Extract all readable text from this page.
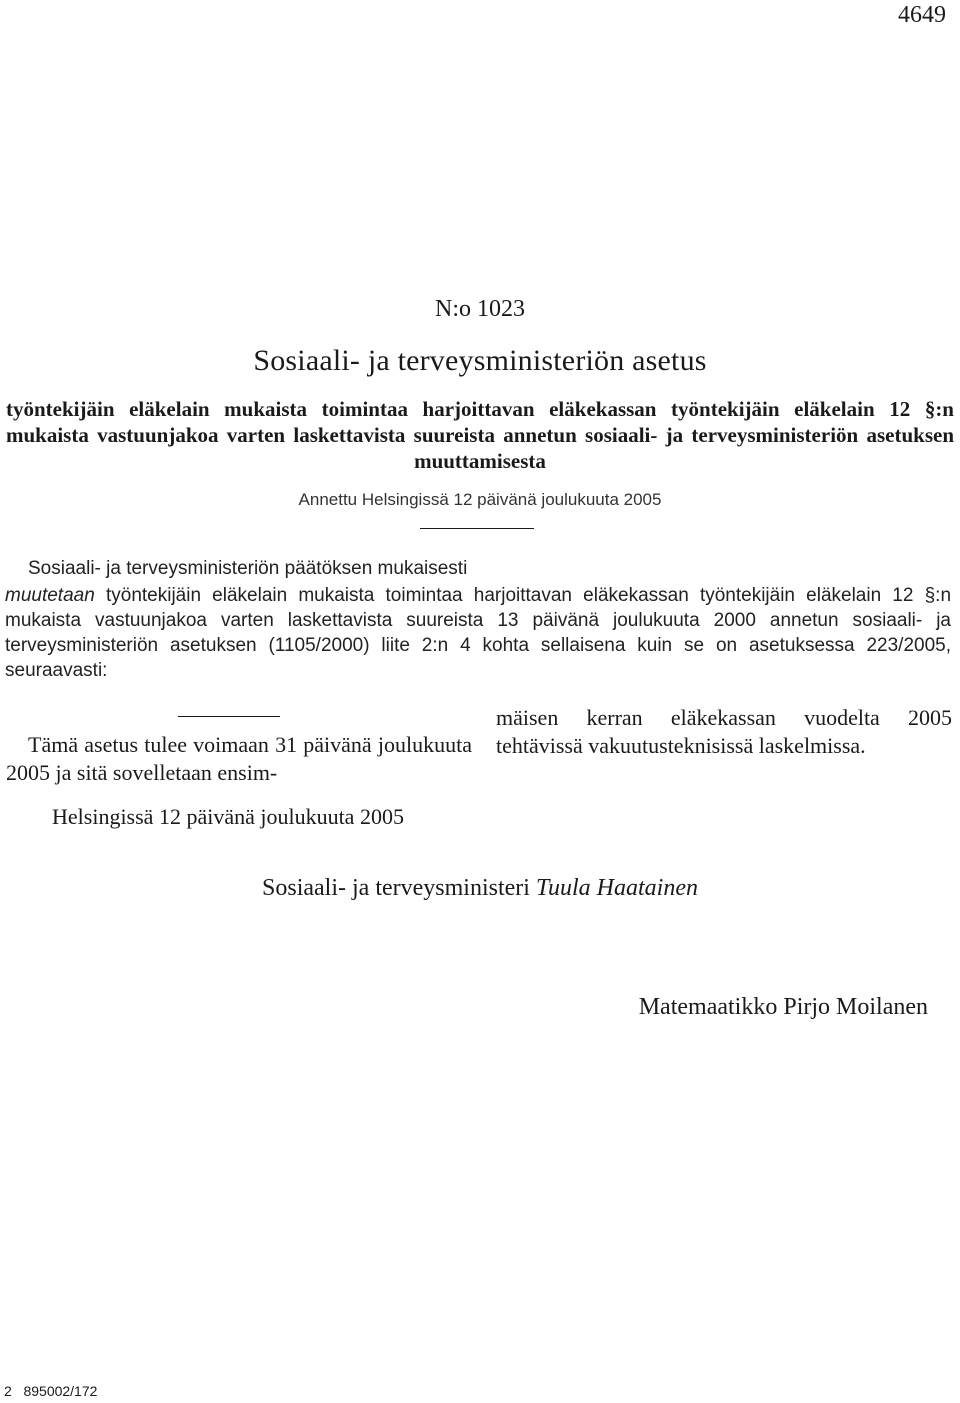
4649
N:o 1023
Sosiaali- ja terveysministeriön asetus
työntekijäin eläkelain mukaista toimintaa harjoittavan eläkekassan työntekijäin eläkelain 12 §:n mukaista vastuunjakoa varten laskettavista suureista annetun sosiaali- ja terveysministeriön asetuksen muuttamisesta
Annettu Helsingissä 12 päivänä joulukuuta 2005
Sosiaali- ja terveysministeriön päätöksen mukaisesti
muutetaan työntekijäin eläkelain mukaista toimintaa harjoittavan eläkekassan työntekijäin eläkelain 12 §:n mukaista vastuunjakoa varten laskettavista suureista 13 päivänä joulukuuta 2000 annetun sosiaali- ja terveysministeriön asetuksen (1105/2000) liite 2:n 4 kohta sellaisena kuin se on asetuksessa 223/2005, seuraavasti:
Tämä asetus tulee voimaan 31 päivänä joulukuuta 2005 ja sitä sovelletaan ensim-
mäisen kerran eläkekassan vuodelta 2005 tehtävissä vakuutusteknisissä laskelmissa.
Helsingissä 12 päivänä joulukuuta 2005
Sosiaali- ja terveysministeri Tuula Haatainen
Matemaatikko Pirjo Moilanen
2   895002/172
